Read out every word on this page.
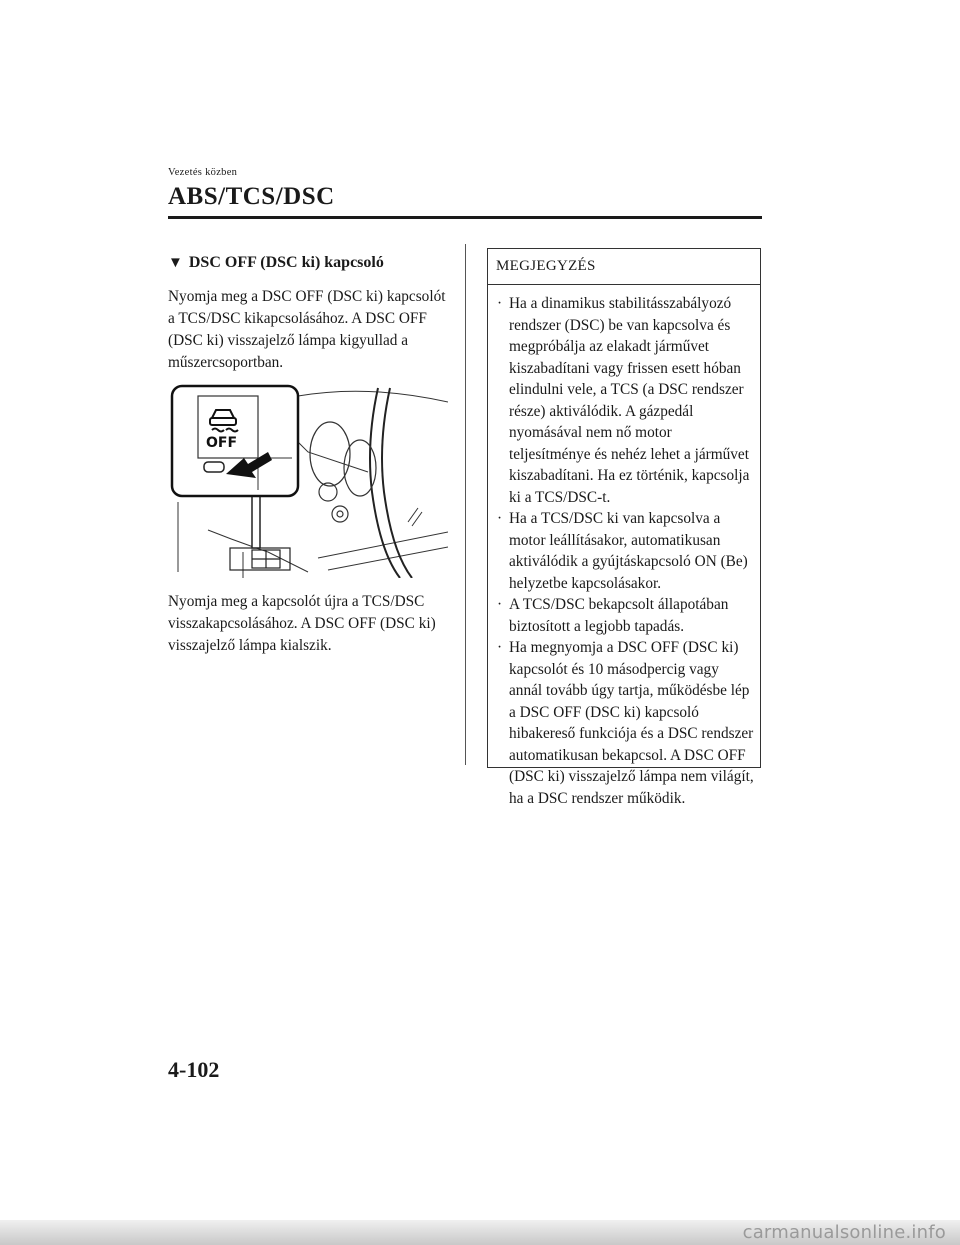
Vezetés közben
ABS/TCS/DSC
▼ DSC OFF (DSC ki) kapcsoló

Nyomja meg a DSC OFF (DSC ki) kapcsolót a TCS/DSC kikapcsolásához. A DSC OFF (DSC ki) visszajelző lámpa kigyullad a műszercsoportban.

OFF

Nyomja meg a kapcsolót újra a TCS/DSC visszakapcsolásához. A DSC OFF (DSC ki) visszajelző lámpa kialszik.

MEGJEGYZÉS
· Ha a dinamikus stabilitásszabályozó rendszer (DSC) be van kapcsolva és megpróbálja az elakadt járművet kiszabadítani vagy frissen esett hóban elindulni vele, a TCS (a DSC rendszer része) aktiválódik. A gázpedál nyomásával nem nő motor teljesítménye és nehéz lehet a járművet kiszabadítani. Ha ez történik, kapcsolja ki a TCS/DSC-t.
· Ha a TCS/DSC ki van kapcsolva a motor leállításakor, automatikusan aktiválódik a gyújtáskapcsoló ON (Be) helyzetbe kapcsolásakor.
· A TCS/DSC bekapcsolt állapotában biztosított a legjobb tapadás.
· Ha megnyomja a DSC OFF (DSC ki) kapcsolót és 10 másodpercig vagy annál tovább úgy tartja, működésbe lép a DSC OFF (DSC ki) kapcsoló hibakereső funkciója és a DSC rendszer automatikusan bekapcsol. A DSC OFF (DSC ki) visszajelző lámpa nem világít, ha a DSC rendszer működik.
4-102
carmanualsonline.info
